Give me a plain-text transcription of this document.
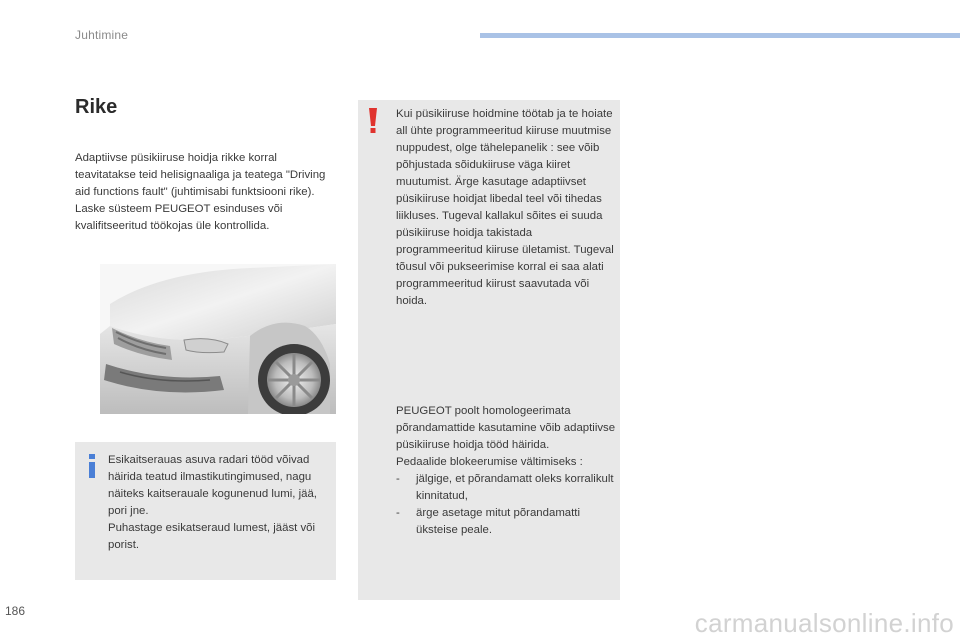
Juhtimine
Rike

Adaptiivse püsikiiruse hoidja rikke korral teavitatakse teid helisignaaliga ja teatega "Driving aid functions fault" (juhtimisabi funktsiooni rike).

Laske süsteem PEUGEOT esinduses või kvalifitseeritud töökojas üle kontrollida.

Esikaitserauas asuva radari tööd võivad häirida teatud ilmastikutingimused, nagu näiteks kaitserauale kogunenud lumi, jää, pori jne.

Puhastage esikatseraud lumest, jääst või porist.

Kui püsikiiruse hoidmine töötab ja te hoiate all ühte programmeeritud kiiruse muutmise nuppudest, olge tähelepanelik : see võib põhjustada sõidukiiruse väga kiiret muutumist. Ärge kasutage adaptiivset püsikiiruse hoidjat libedal teel või tihedas liikluses. Tugeval kallakul sõites ei suuda püsikiiruse hoidja takistada programmeeritud kiiruse ületamist. Tugeval tõusul või pukseerimise korral ei saa alati programmeeritud kiirust saavutada või hoida.

PEUGEOT poolt homologeerimata põrandamattide kasutamine võib adaptiivse püsikiiruse hoidja tööd häirida.

Pedaalide blokeerumise vältimiseks :

- jälgige, et põrandamatt oleks korralikult kinnitatud,
- ärge asetage mitut põrandamatti üksteise peale.
186	carmanualsonline.info
